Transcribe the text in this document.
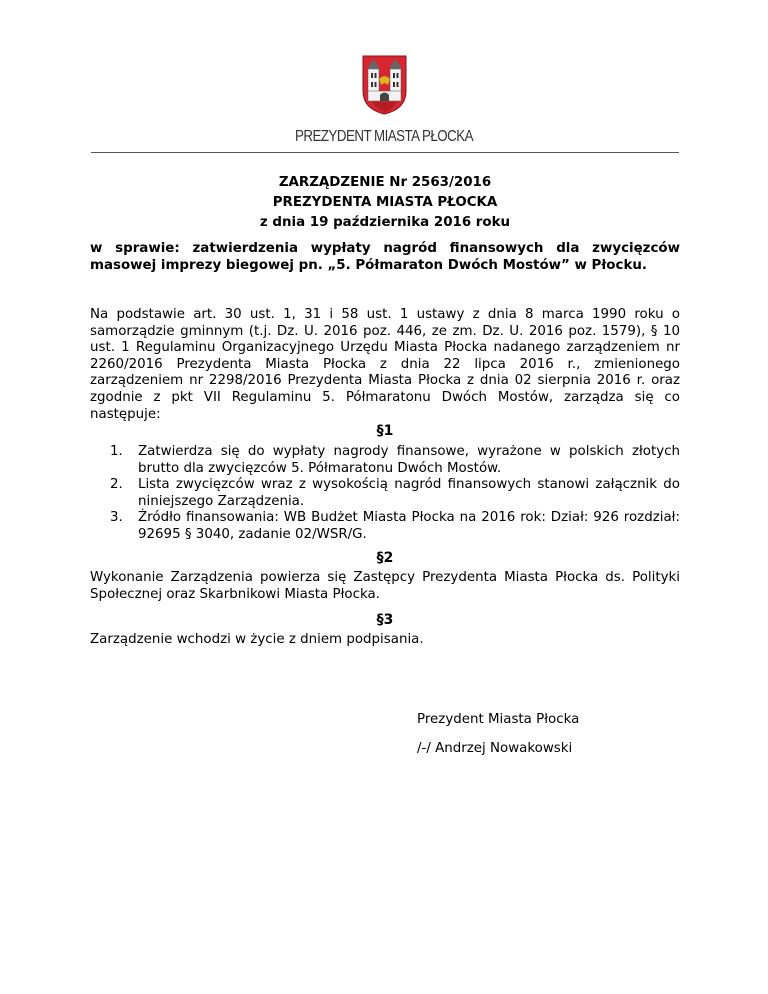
PREZYDENT MIASTA PŁOCKA
ZARZĄDZENIE Nr 2563/2016
PREZYDENTA MIASTA PŁOCKA
z dnia 19 października 2016 roku
w sprawie: zatwierdzenia wypłaty nagród finansowych dla zwycięzców masowej imprezy biegowej pn. „5. Półmaraton Dwóch Mostów” w Płocku.
Na podstawie art. 30 ust. 1, 31 i 58 ust. 1 ustawy z dnia 8 marca 1990 roku o samorządzie gminnym (t.j. Dz. U. 2016 poz. 446, ze zm. Dz. U. 2016 poz. 1579), § 10 ust. 1 Regulaminu Organizacyjnego Urzędu Miasta Płocka nadanego zarządzeniem nr 2260/2016 Prezydenta Miasta Płocka z dnia 22 lipca 2016 r., zmienionego zarządzeniem nr 2298/2016 Prezydenta Miasta Płocka z dnia 02 sierpnia 2016 r. oraz zgodnie z pkt VII Regulaminu 5. Półmaratonu Dwóch Mostów, zarządza się co następuje:
§1
1. Zatwierdza się do wypłaty nagrody finansowe, wyrażone w polskich złotych brutto dla zwycięzców 5. Półmaratonu Dwóch Mostów.
2. Lista zwycięzców wraz z wysokością nagród finansowych stanowi załącznik do niniejszego Zarządzenia.
3. Źródło finansowania: WB Budżet Miasta Płocka na 2016 rok: Dział: 926 rozdział: 92695 § 3040, zadanie 02/WSR/G.
§2
Wykonanie Zarządzenia powierza się Zastępcy Prezydenta Miasta Płocka ds. Polityki Społecznej oraz Skarbnikowi Miasta Płocka.
§3
Zarządzenie wchodzi w życie z dniem podpisania.
Prezydent Miasta Płocka
/-/ Andrzej Nowakowski
